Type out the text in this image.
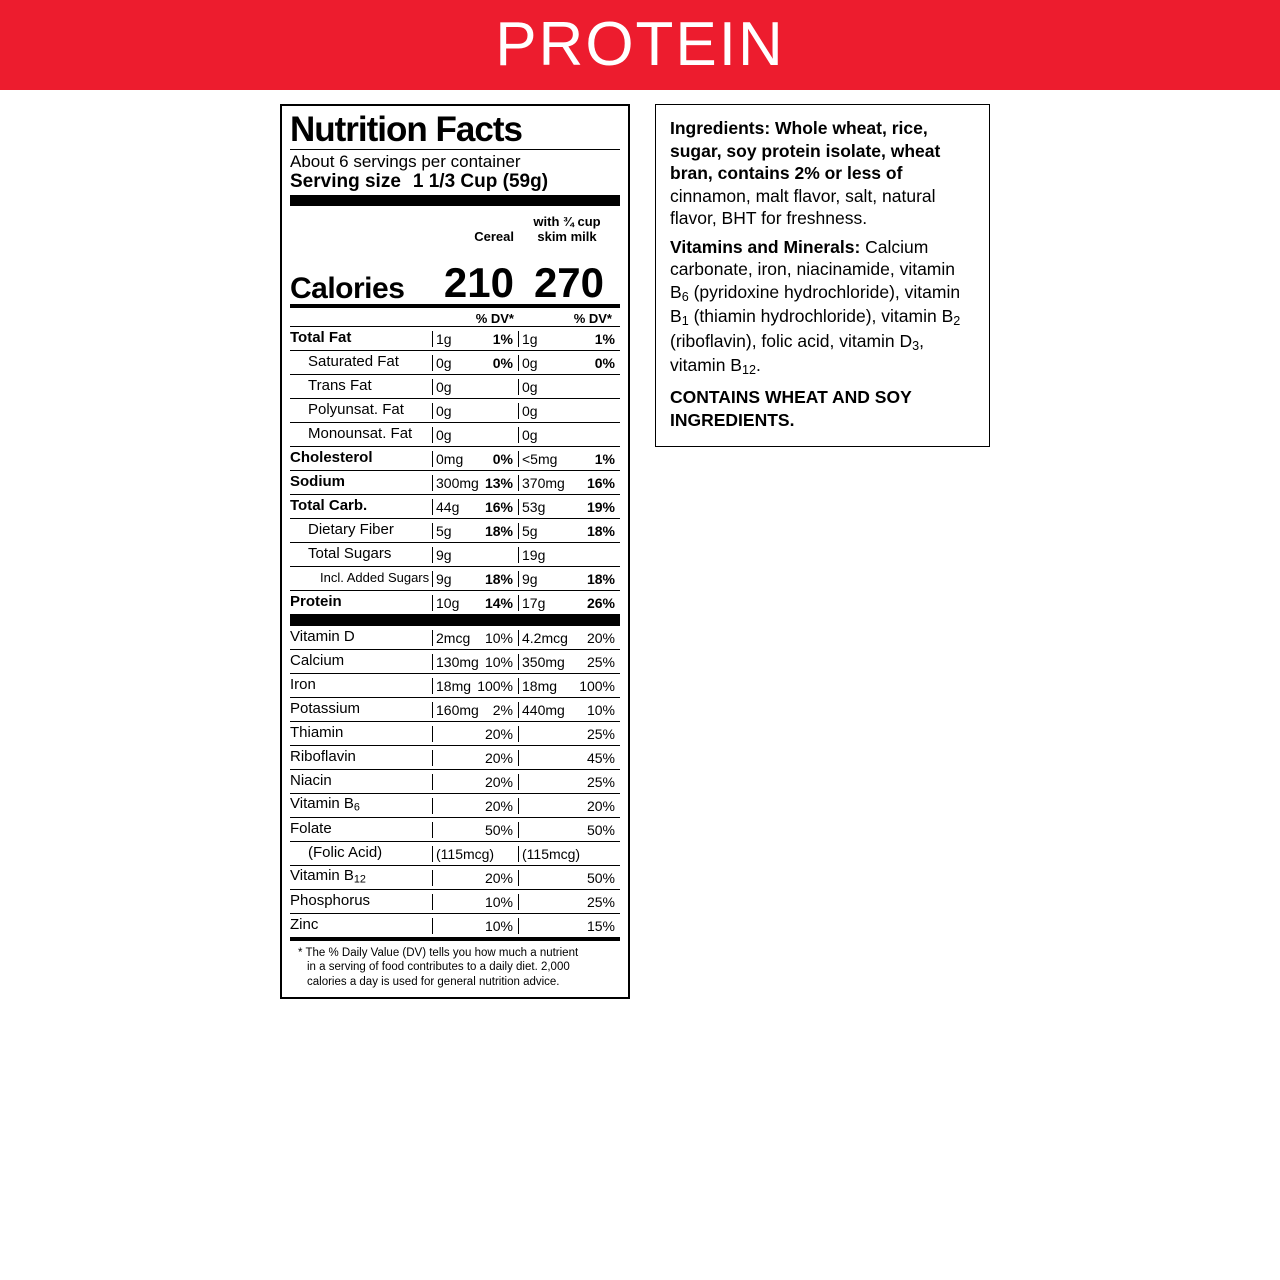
PROTEIN
Nutrition Facts
About 6 servings per container
Serving size 1 1/3 Cup (59g)
Cereal
with ¾ cup
skim milk
Calories 210 270
% DV*	% DV*
Total Fat	1g	1% 1g	1%
Saturated Fat	0g	0% 0g	0%
Trans Fat	0g	0g
Polyunsat. Fat	0g	0g
Monounsat. Fat	0g	0g
Cholesterol	0mg	0% <5mg	1%
Sodium	300mg 13% 370mg	16%
Total Carb.	44g	16% 53g	19%
Dietary Fiber	5g	18% 5g	18%
Total Sugars	9g	19g
Incl. Added Sugars 9g	18% 9g	18%
Protein	10g	14% 17g	26%
Vitamin D	2mcg	10% 4.2mcg	20%
Calcium	130mg 10% 350mg	25%
Iron	18mg 100% 18mg	100%
Potassium	160mg 2% 440mg	10%
Thiamin	20%	25%
Riboflavin	20%	45%
Niacin	20%	25%
Vitamin $B_6$	20%	20%
Folate	50%	50%
(Folic Acid)	(115mcg)	(115mcg)
Vitamin $B_{12}$	20%	50%
Phosphorus	10%	25%
Zinc	10%	15%
* The % Daily Value (DV) tells you how much a nutrient
in a serving of food contributes to a daily diet. 2,000
calories a day is used for general nutrition advice.

Ingredients: Whole wheat, rice, sugar, soy protein isolate, wheat bran, contains 2% or less of cinnamon, malt flavor, salt, natural flavor, BHT for freshness.

Vitamins and Minerals: Calcium carbonate, iron, niacinamide, vitamin $B_6$ (pyridoxine hydrochloride), vitamin $B_1$ (thiamin hydrochloride), vitamin $B_2$ (riboflavin), folic acid, vitamin $D_3$, vitamin $B_{12}$.

CONTAINS WHEAT AND SOY INGREDIENTS.
